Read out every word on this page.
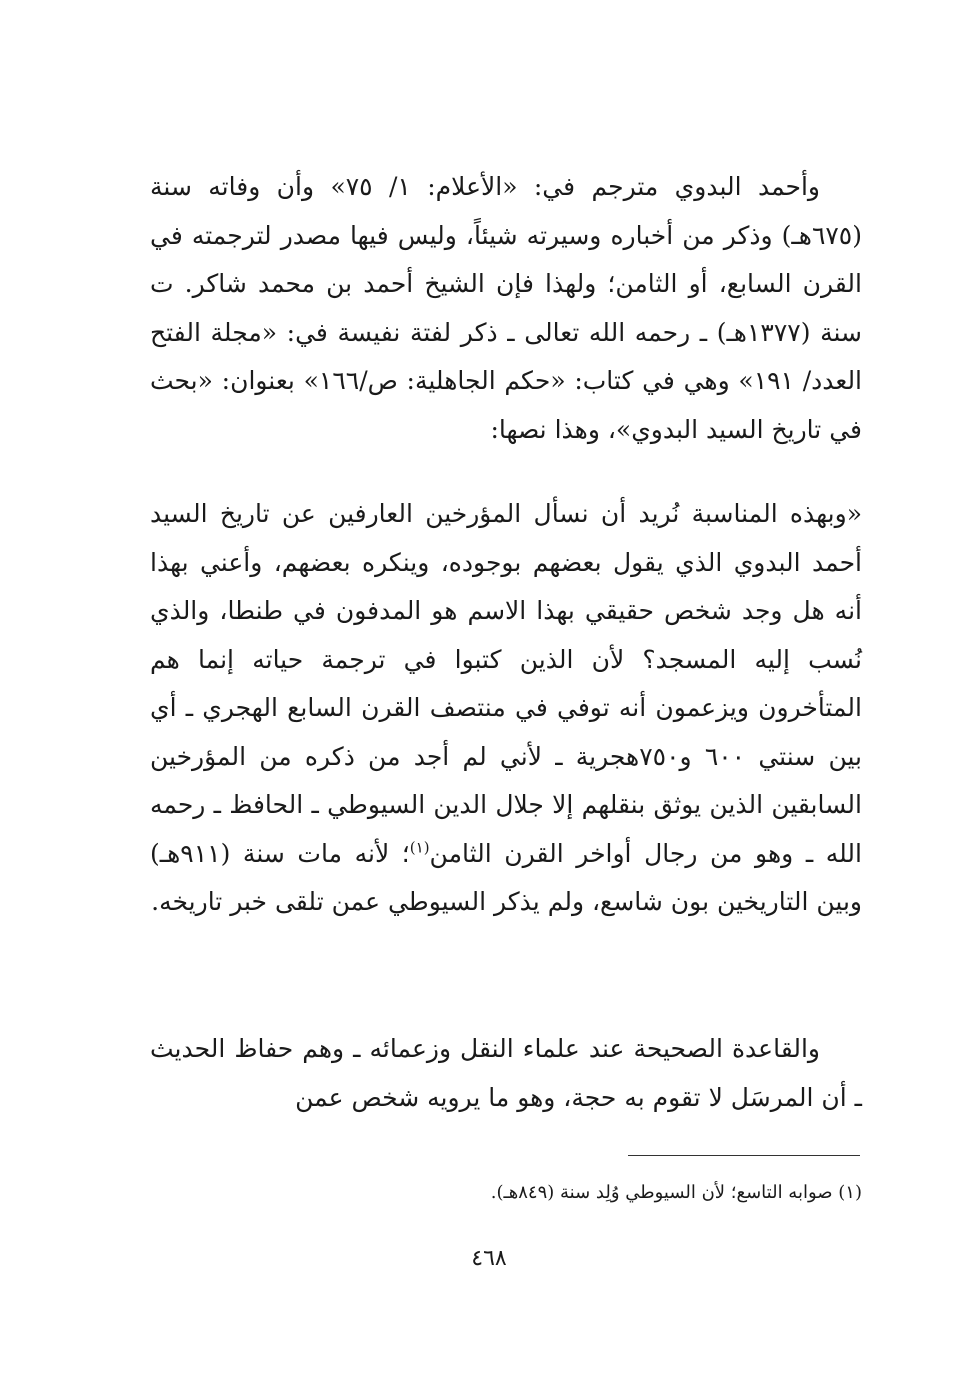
وأحمد البدوي مترجم في: «الأعلام: ١/ ٧٥» وأن وفاته سنة (٦٧٥هـ) وذكر من أخباره وسيرته شيئاً، وليس فيها مصدر لترجمته في القرن السابع، أو الثامن؛ ولهذا فإن الشيخ أحمد بن محمد شاكر. ت سنة (١٣٧٧هـ) ـ رحمه الله تعالى ـ ذكر لفتة نفيسة في: «مجلة الفتح العدد/ ١٩١» وهي في كتاب: «حكم الجاهلية: ص/١٦٦» بعنوان: «بحث في تاريخ السيد البدوي»، وهذا نصها:

«وبهذه المناسبة نُريد أن نسأل المؤرخين العارفين عن تاريخ السيد أحمد البدوي الذي يقول بعضهم بوجوده، وينكره بعضهم، وأعني بهذا أنه هل وجد شخص حقيقي بهذا الاسم هو المدفون في طنطا، والذي نُسب إليه المسجد؟ لأن الذين كتبوا في ترجمة حياته إنما هم المتأخرون ويزعمون أنه توفي في منتصف القرن السابع الهجري ـ أي بين سنتي ٦٠٠ و٧٥٠هجرية ـ لأني لم أجد من ذكره من المؤرخين السابقين الذين يوثق بنقلهم إلا جلال الدين السيوطي ـ الحافظ ـ رحمه الله ـ وهو من رجال أواخر القرن الثامن$^{(١)}$؛ لأنه مات سنة (٩١١هـ) وبين التاريخين بون شاسع، ولم يذكر السيوطي عمن تلقى خبر تاريخه.

والقاعدة الصحيحة عند علماء النقل وزعمائه ـ وهم حفاظ الحديث ـ أن المرسَل لا تقوم به حجة، وهو ما يرويه شخص عمن

(١) صوابه التاسع؛ لأن السيوطي وُلِد سنة (٨٤٩هـ).

٤٦٨
